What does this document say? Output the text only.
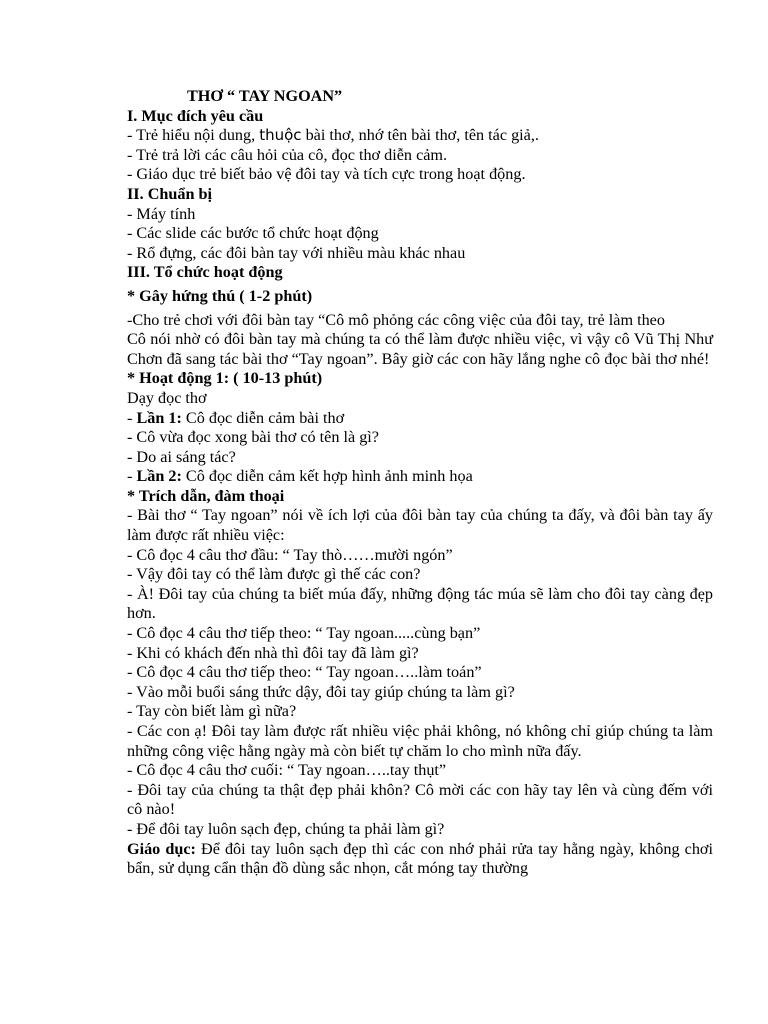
THƠ “ TAY NGOAN”
I. Mục đích yêu cầu
- Trẻ hiểu nội dung, thuộc bài thơ, nhớ tên bài thơ, tên tác giả,.
- Trẻ trả lời các câu hỏi của cô, đọc thơ diễn cảm.
- Giáo dục trẻ biết bảo vệ đôi tay và tích cực trong hoạt động.
II. Chuẩn bị
- Máy tính
- Các slide các bước tổ chức hoạt động
- Rổ đựng, các đôi bàn tay với nhiều màu khác nhau
III. Tổ chức hoạt động
* Gây hứng thú ( 1-2 phút)
-Cho trẻ chơi với đôi bàn tay “Cô mô phỏng các công việc của đôi tay, trẻ làm theo
Cô nói nhờ có đôi bàn tay mà chúng ta có thể làm được nhiều việc, vì vậy cô Vũ Thị Như Chơn đã sang tác bài thơ “Tay ngoan”. Bây giờ các con hãy lắng nghe cô đọc bài thơ nhé!
* Hoạt động 1: ( 10-13 phút)
Dạy đọc thơ
- Lần 1: Cô đọc diễn cảm bài thơ
- Cô vừa đọc xong bài thơ có tên là gì?
- Do ai sáng tác?
- Lần 2: Cô đọc diễn cảm kết hợp hình ảnh minh họa
* Trích dẫn, đàm thoại
- Bài thơ “ Tay ngoan” nói về ích lợi của đôi bàn tay của chúng ta đấy, và đôi bàn tay ấy làm được rất nhiều việc:
- Cô đọc 4 câu thơ đầu: “ Tay thò……mười ngón”
- Vậy đôi tay có thể làm được gì thế các con?
- À! Đôi tay của chúng ta biết múa đấy, những động tác múa sẽ làm cho đôi tay càng đẹp hơn.
- Cô đọc 4 câu thơ tiếp theo: “ Tay ngoan.....cùng bạn”
- Khi có khách đến nhà thì đôi tay đã làm gì?
- Cô đọc 4 câu thơ tiếp theo: “ Tay ngoan…..làm toán”
- Vào mỗi buổi sáng thức dậy, đôi tay giúp chúng ta làm gì?
- Tay còn biết làm gì nữa?
- Các con ạ! Đôi tay làm được rất nhiều việc phải không, nó không chỉ giúp chúng ta làm những công việc hằng ngày mà còn biết tự chăm lo cho mình nữa đấy.
- Cô đọc 4 câu thơ cuối: “ Tay ngoan…..tay thụt”
- Đôi tay của chúng ta thật đẹp phải khôn? Cô mời các con hãy tay lên và cùng đếm với cô nào!
- Để đôi tay luôn sạch đẹp, chúng ta phải làm gì?
Giáo dục: Để đôi tay luôn sạch đẹp thì các con nhớ phải rửa tay hằng ngày, không chơi bẩn, sử dụng cẩn thận đồ dùng sắc nhọn, cắt móng tay thường
